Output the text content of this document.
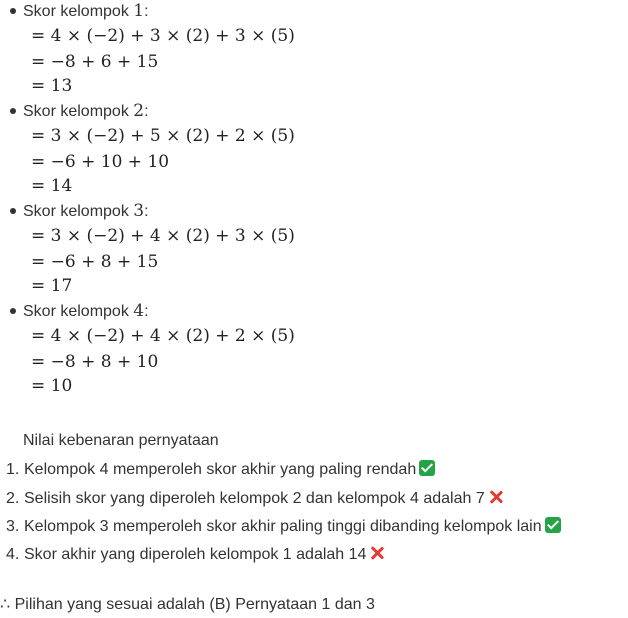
Skor kelompok 1:
= 4 × (−2) + 3 × (2) + 3 × (5)
= −8 + 6 + 15
= 13
Skor kelompok 2:
= 3 × (−2) + 5 × (2) + 2 × (5)
= −6 + 10 + 10
= 14
Skor kelompok 3:
= 3 × (−2) + 4 × (2) + 3 × (5)
= −6 + 8 + 15
= 17
Skor kelompok 4:
= 4 × (−2) + 4 × (2) + 2 × (5)
= −8 + 8 + 10
= 10
Nilai kebenaran pernyataan
1. Kelompok 4 memperoleh skor akhir yang paling rendah
2. Selisih skor yang diperoleh kelompok 2 dan kelompok 4 adalah 7
3. Kelompok 3 memperoleh skor akhir paling tinggi dibanding kelompok lain
4. Skor akhir yang diperoleh kelompok 1 adalah 14
∴ Pilihan yang sesuai adalah (B) Pernyataan 1 dan 3
